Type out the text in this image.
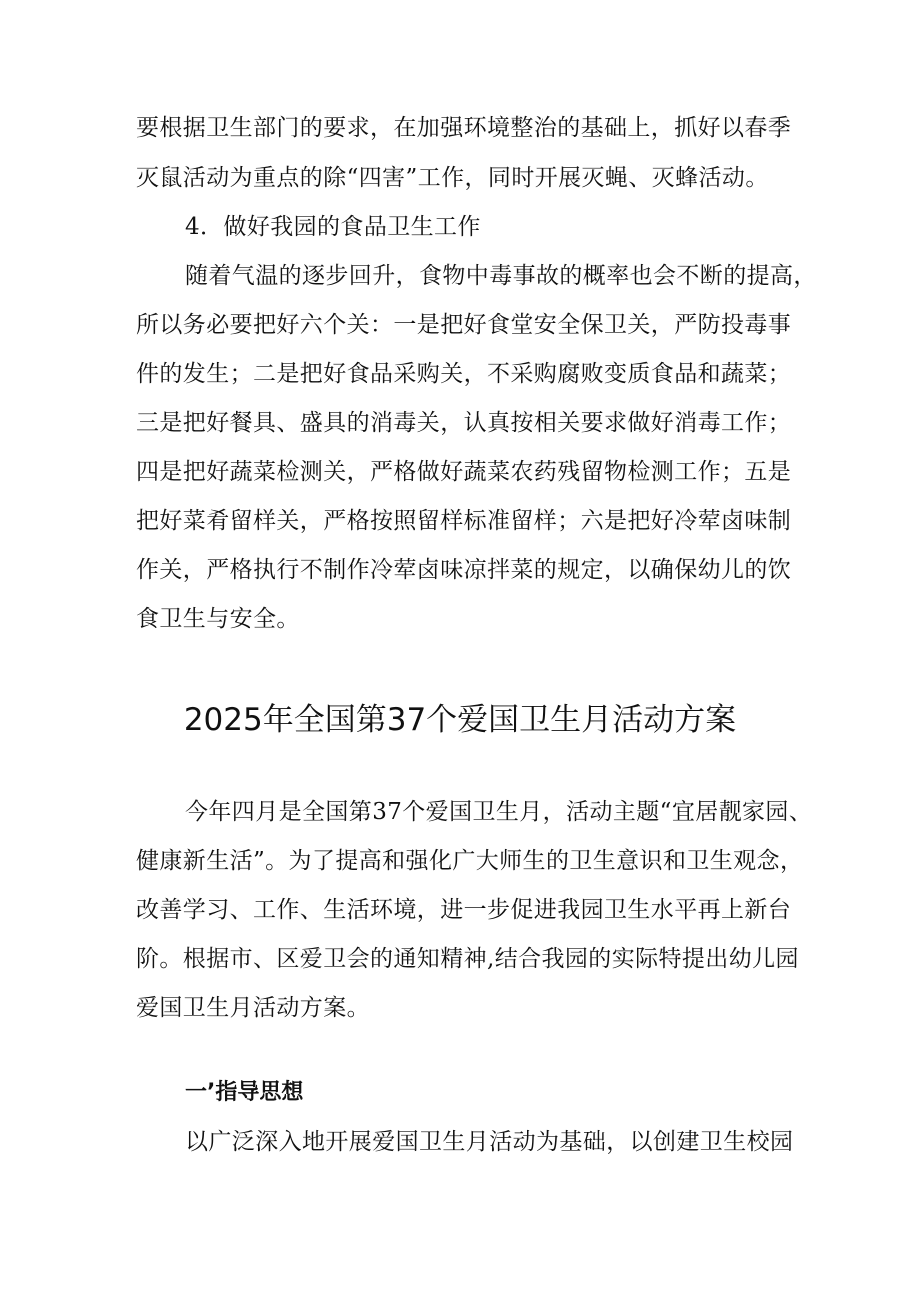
要根据卫生部门的要求，在加强环境整治的基础上，抓好以春季
灭鼠活动为重点的除“四害”工作，同时开展灭蝇、灭蜂活动。
4．做好我园的食品卫生工作
随着气温的逐步回升，食物中毒事故的概率也会不断的提高，
所以务必要把好六个关：一是把好食堂安全保卫关，严防投毒事
件的发生；二是把好食品采购关，不采购腐败变质食品和蔬菜；
三是把好餐具、盛具的消毒关，认真按相关要求做好消毒工作；
四是把好蔬菜检测关，严格做好蔬菜农药残留物检测工作；五是
把好菜肴留样关，严格按照留样标准留样；六是把好冷荤卤味制
作关，严格执行不制作冷荤卤味凉拌菜的规定，以确保幼儿的饮
食卫生与安全。
2025年全国第37个爱国卫生月活动方案
今年四月是全国第37个爱国卫生月，活动主题“宜居靓家园、
健康新生活”。为了提高和强化广大师生的卫生意识和卫生观念，
改善学习、工作、生活环境，进一步促进我园卫生水平再上新台
阶。根据市、区爱卫会的通知精神,结合我园的实际特提出幼儿园
爱国卫生月活动方案。
一’指导思想
以广泛深入地开展爱国卫生月活动为基础，以创建卫生校园
